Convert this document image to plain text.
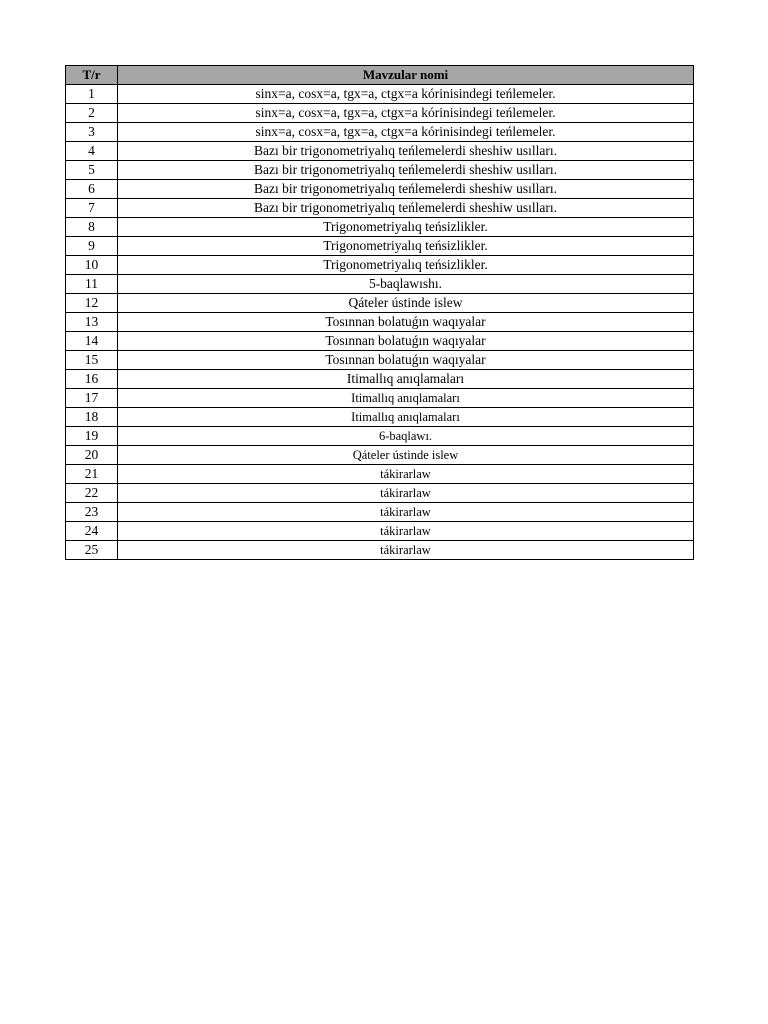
T/r	Mavzular nomi
1	sinx=a, cosx=a, tgx=a, ctgx=a kórinisindegi teńlemeler.
2	sinx=a, cosx=a, tgx=a, ctgx=a kórinisindegi teńlemeler.
3	sinx=a, cosx=a, tgx=a, ctgx=a kórinisindegi teńlemeler.
4	Bazı bir trigonometriyalıq teńlemelerdi sheshiw usılları.
5	Bazı bir trigonometriyalıq teńlemelerdi sheshiw usılları.
6	Bazı bir trigonometriyalıq teńlemelerdi sheshiw usılları.
7	Bazı bir trigonometriyalıq teńlemelerdi sheshiw usılları.
8	Trigonometriyalıq teńsizlikler.
9	Trigonometriyalıq teńsizlikler.
10	Trigonometriyalıq teńsizlikler.
11	5-baqlawıshı.
12	Qáteler ústinde islew
13	Tosınnan bolatuǵın waqıyalar
14	Tosınnan bolatuǵın waqıyalar
15	Tosınnan bolatuǵın waqıyalar
16	Itimallıq anıqlamaları
17	Itimallıq anıqlamaları
18	Itimallıq anıqlamaları
19	6-baqlawı.
20	Qáteler ústinde islew
21	tákirarlaw
22	tákirarlaw
23	tákirarlaw
24	tákirarlaw
25	tákirarlaw
